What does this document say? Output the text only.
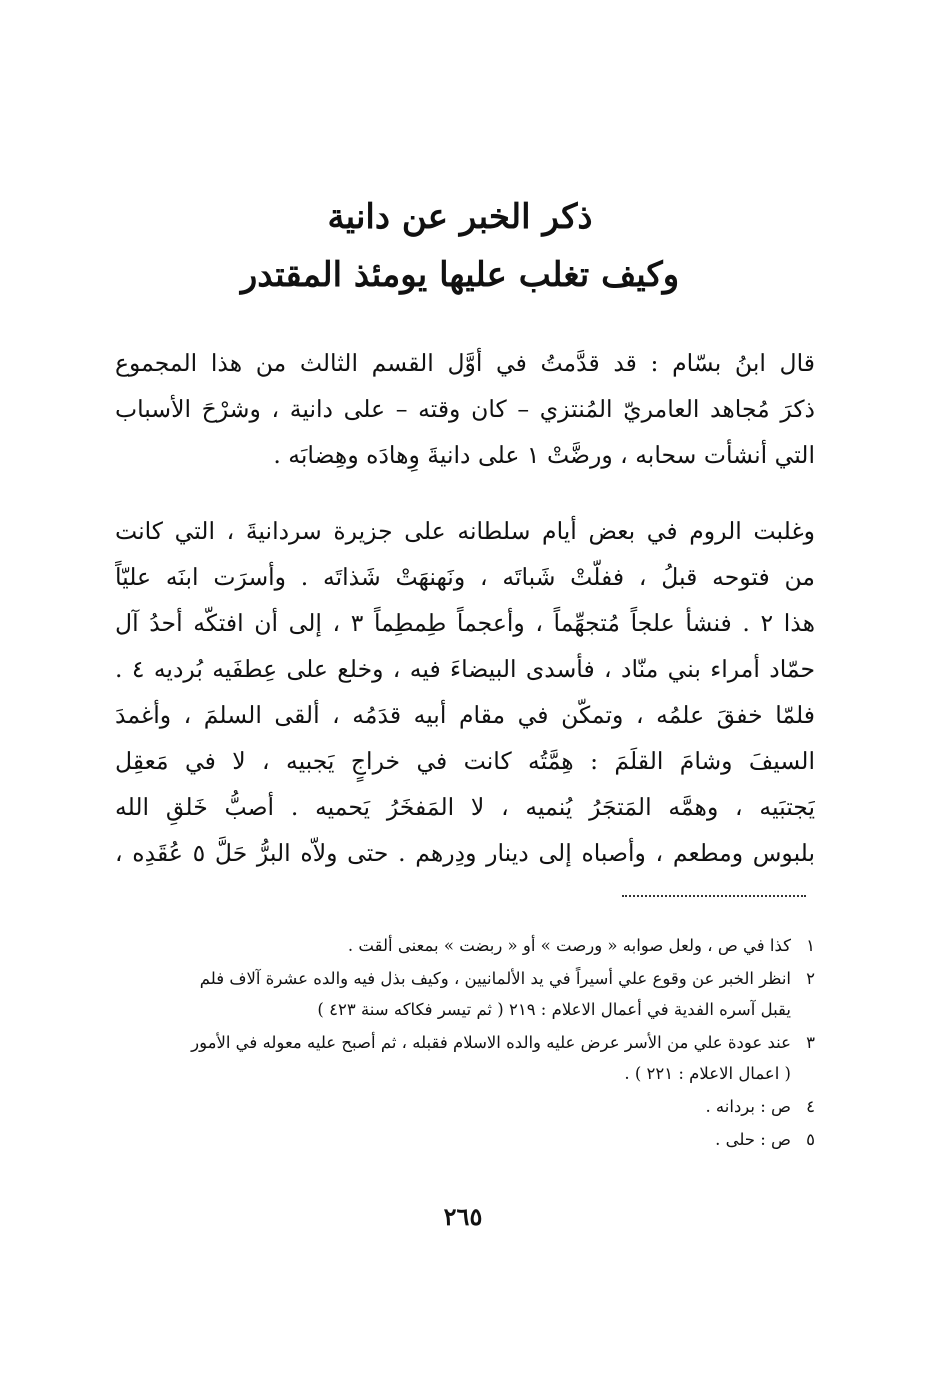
ذكر الخبر عن دانية
وكيف تغلب عليها يومئذ المقتدر
قال ابنُ بسّام : قد قدَّمتُ في أوَّل القسم الثالث من هذا المجموع
ذكرَ مُجاهد العامريّ المُنتزي – كان وقته – على دانية ، وشرْحَ الأسباب
التي أنشأت سحابه ، ورضَّتْ ١ على دانيةَ وِهادَه وهِضابَه .
وغلبت الروم في بعض أيام سلطانه على جزيرة سردانيةَ ، التي كانت
من فتوحه قبلُ ، ففلّتْ شَباتَه ، ونَهنهَتْ شَذاتَه . وأسرَت ابنَه عليّاً
هذا ٢ . فنشأ علجاً مُتجهِّماً ، وأعجماً طِمطِماً ٣ ، إلى أن افتكّه أحدُ آل
حمّاد أمراء بني منّاد ، فأسدى البيضاءَ فيه ، وخلع على عِطفَيه بُرديه ٤ .
فلمّا خفقَ علمُه ، وتمكّن في مقام أبيه قدَمُه ، ألقى السلمَ ، وأغمدَ
السيفَ وشامَ القلَمَ : هِمَّتُه كانت في خراجٍ يَجبيه ، لا في مَعقِل
يَجتبَيه ، وهمَّه المَتجَرُ يُنميه ، لا المَفخَرُ يَحميه . أصبُّ خَلقِ الله
بلبوس ومطعم ، وأصباه إلى دينار ودِرهم . حتى ولاّه البرُّ حَلَّ ٥ عُقَدِه ،
١
كذا في ص ، ولعل صوابه « ورصت » أو « ربضت » بمعنى ألقت .
٢
انظر الخبر عن وقوع علي أسيراً في يد الألمانيين ، وكيف بذل فيه والده عشرة آلاف فلم
يقبل آسره الفدية في أعمال الاعلام : ٢١٩ ( ثم تيسر فكاكه سنة ٤٢٣ )
٣
عند عودة علي من الأسر عرض عليه والده الاسلام فقبله ، ثم أصبح عليه معوله في الأمور
( اعمال الاعلام : ٢٢١ ) .
٤
ص : بردانه .
٥
ص : حلى .
٢٦٥
